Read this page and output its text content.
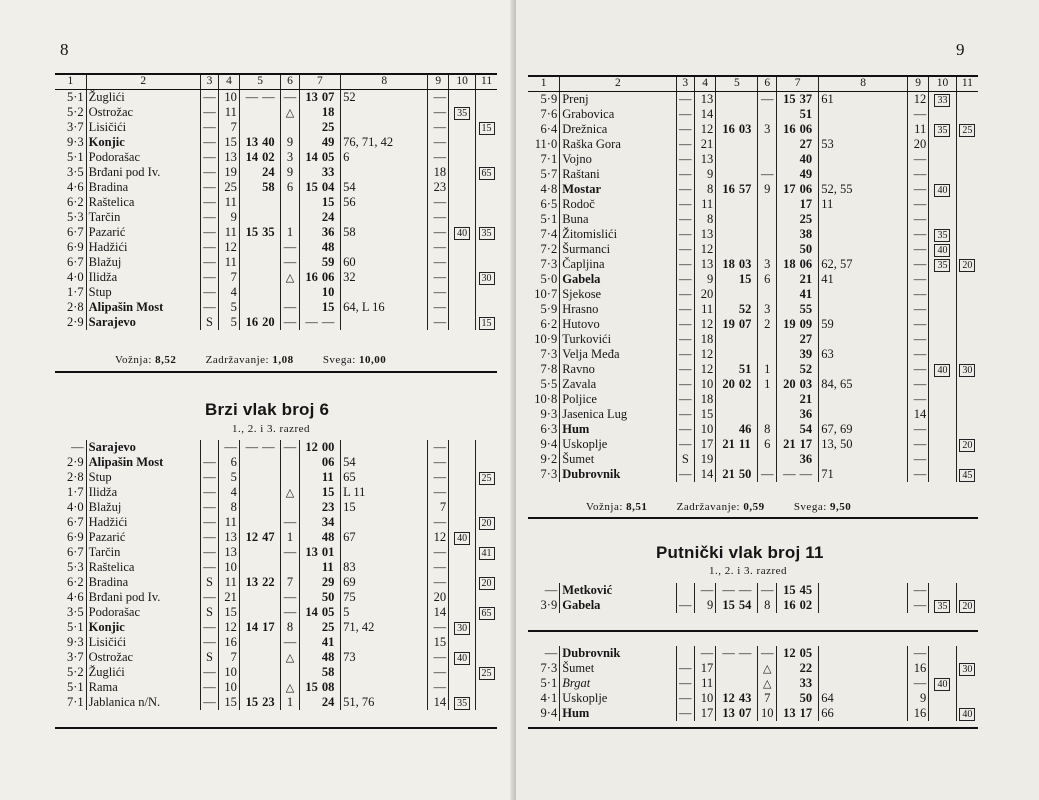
8
1	2	3	4	5		6	7		8	9	10	11
5·1	Žuglići	—	10	—	—	—	13	07	52	—		
5·2	Ostrožac	—	11			△		18		—	35	
3·7	Lisičići	—	7					25		—		15
9·3	Konjic	—	15	13	40	9		49	76, 71, 42	—		
5·1	Podorašac	—	13	14	02	3	14	05	6	—		
3·5	Brđani pod Iv.	—	19		24	9		33		18		65
4·6	Bradina	—	25		58	6	15	04	54	23		
6·2	Raštelica	—	11					15	56	—		
5·3	Tarčin	—	9					24		—		
6·7	Pazarić	—	11	15	35	1		36	58	—	40	35
6·9	Hadžići	—	12			—		48		—		
6·7	Blažuj	—	11			—		59	60	—		
4·0	Ilidža	—	7			△	16	06	32	—		30
1·7	Stup	—	4					10		—		
2·8	Alipašin Most	—	5			—		15	64, L 16	—		
2·9	Sarajevo	S	5	16	20	—	—	—		—		15
Vožnja: 8,52	Zadržavanje: 1,08	Svega: 10,00
Brzi vlak broj 6
1., 2. i 3. razred
—	Sarajevo		—	—	—	—	12	00		—		
2·9	Alipašin Most	—	6					06	54	—		
2·8	Stup	—	5					11	65	—		25
1·7	Ilidža	—	4			△		15	L 11	—		
4·0	Blažuj	—	8					23	15	7		
6·7	Hadžići	—	11			—		34		—		20
6·9	Pazarić	—	13	12	47	1		48	67	12	40	
6·7	Tarčin	—	13			—	13	01		—		41
5·3	Raštelica	—	10					11	83	—		
6·2	Bradina	S	11	13	22	7		29	69	—		20
4·6	Brđani pod Iv.	—	21			—		50	75	20		
3·5	Podorašac	S	15			—	14	05	5	14		65
5·1	Konjic	—	12	14	17	8		25	71, 42	—	30	
9·3	Lisičići	—	16			—		41		15		
3·7	Ostrožac	S	7			△		48	73	—	40	
5·2	Žuglići	—	10					58		—		25
5·1	Rama	—	10			△	15	08		—		
7·1	Jablanica n/N.	—	15	15	23	1		24	51, 76	14	35	
9
1	2	3	4	5		6	7		8	9	10	11
5·9	Prenj	—	13			—	15	37	61	12	33	
7·6	Grabovica	—	14					51		—		
6·4	Drežnica	—	12	16	03	3	16	06		11	35	25
11·0	Raška Gora	—	21					27	53	20		
7·1	Vojno	—	13					40		—		
5·7	Raštani	—	9			—		49		—		
4·8	Mostar	—	8	16	57	9	17	06	52, 55	—	40	
6·5	Rodoč	—	11					17	11	—		
5·1	Buna	—	8					25		—		
7·4	Žitomislići	—	13					38		—	35	
7·2	Šurmanci	—	12					50		—	40	
7·3	Čapljina	—	13	18	03	3	18	06	62, 57	—	35	20
5·0	Gabela	—	9		15	6		21	41	—		
10·7	Sjekose	—	20					41		—		
5·9	Hrasno	—	11		52	3		55		—		
6·2	Hutovo	—	12	19	07	2	19	09	59	—		
10·9	Turkovići	—	18					27		—		
7·3	Velja Međa	—	12					39	63	—		
7·8	Ravno	—	12		51	1		52		—	40	30
5·5	Zavala	—	10	20	02	1	20	03	84, 65	—		
10·8	Poljice	—	18					21		—		
9·3	Jasenica Lug	—	15					36		14		
6·3	Hum	—	10		46	8		54	67, 69	—		
9·4	Uskoplje	—	17	21	11	6	21	17	13, 50	—		20
9·2	Šumet	S	19					36		—		
7·3	Dubrovnik	—	14	21	50	—	—	—	71	—		45
Vožnja: 8,51	Zadržavanje: 0,59	Svega: 9,50
Putnički vlak broj 11
1., 2. i 3. razred
—	Metković		—	—	—	—	15	45		—		
3·9	Gabela	—	9	15	54	8	16	02		—	35	20
—	Dubrovnik		—	—	—	—	12	05		—		
7·3	Šumet	—	17			△		22		16		30
5·1	Brgat	—	11			△		33		—	40	
4·1	Uskoplje	—	10	12	43	7		50	64	9		
9·4	Hum	—	17	13	07	10	13	17	66	16		40
